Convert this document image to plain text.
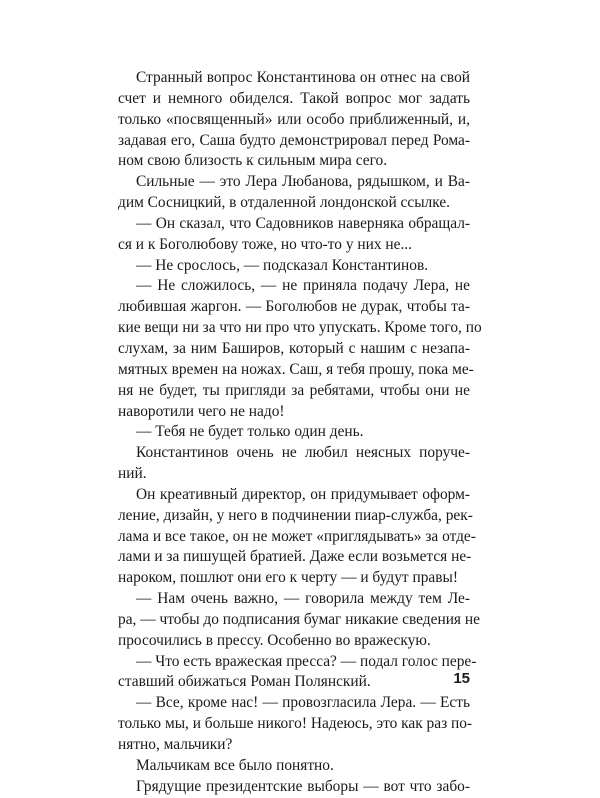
Странный вопрос Константинова он отнес на свой
счет и немного обиделся. Такой вопрос мог задать
только «посвященный» или особо приближенный, и,
задавая его, Саша будто демонстрировал перед Рома-
ном свою близость к сильным мира сего.
Сильные — это Лера Любанова, рядышком, и Ва-
дим Сосницкий, в отдаленной лондонской ссылке.
— Он сказал, что Садовников наверняка обращал-
ся и к Боголюбову тоже, но что-то у них не...
— Не срослось, — подсказал Константинов.
— Не сложилось, — не приняла подачу Лера, не
любившая жаргон. — Боголюбов не дурак, чтобы та-
кие вещи ни за что ни про что упускать. Кроме того, по
слухам, за ним Баширов, который с нашим с незапа-
мятных времен на ножах. Саш, я тебя прошу, пока ме-
ня не будет, ты пригляди за ребятами, чтобы они не
наворотили чего не надо!
— Тебя не будет только один день.
Константинов очень не любил неясных поруче-
ний.
Он креативный директор, он придумывает оформ-
ление, дизайн, у него в подчинении пиар-служба, рек-
лама и все такое, он не может «приглядывать» за отде-
лами и за пишущей братией. Даже если возьмется не-
нароком, пошлют они его к черту — и будут правы!
— Нам очень важно, — говорила между тем Ле-
ра, — чтобы до подписания бумаг никакие сведения не
просочились в прессу. Особенно во вражескую.
— Что есть вражеская пресса? — подал голос пере-
ставший обижаться Роман Полянский.
— Все, кроме нас! — провозгласила Лера. — Есть
только мы, и больше никого! Надеюсь, это как раз по-
нятно, мальчики?
Мальчикам все было понятно.
Грядущие президентские выборы — вот что забо-
15
